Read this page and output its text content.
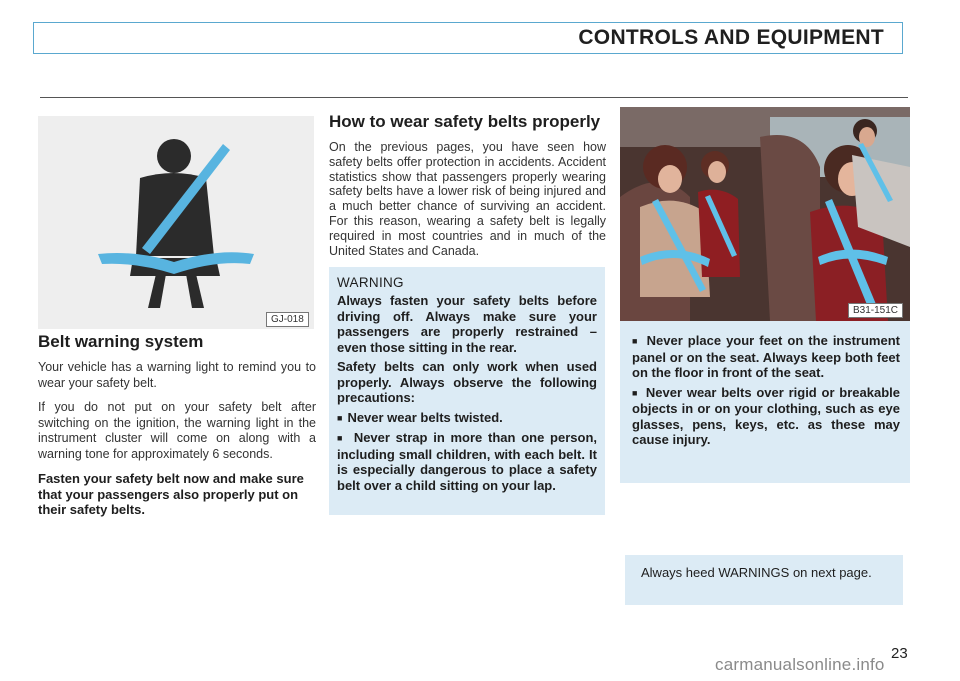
CONTROLS AND EQUIPMENT
GJ-018
Belt warning system

Your vehicle has a warning light to remind you to wear your safety belt.

If you do not put on your safety belt after switching on the ignition, the warning light in the instrument cluster will come on along with a warning tone for approximately 6 seconds.

Fasten your safety belt now and make sure that your passengers also properly put on their safety belts.

How to wear safety belts properly

On the previous pages, you have seen how safety belts offer protection in accidents. Accident statistics show that passengers properly wearing safety belts have a lower risk of being injured and a much better chance of surviving an accident. For this reason, wearing a safety belt is legally required in most countries and in much of the United States and Canada.

WARNING

Always fasten your safety belts before driving off. Always make sure your passengers are properly restrained – even those sitting in the rear.

Safety belts can only work when used properly. Always observe the following precautions:

■  Never wear belts twisted.

■  Never strap in more than one person, including small children, with each belt. It is especially dangerous to place a safety belt over a child sitting on your lap.

B31-151C

■  Never place your feet on the instrument panel or on the seat. Always keep both feet on the floor in front of the seat.

■  Never wear belts over rigid or breakable objects in or on your clothing, such as eye glasses, pens, keys, etc. as these may cause injury.

Always heed WARNINGS on next page.

23
carmanualsonline.info
